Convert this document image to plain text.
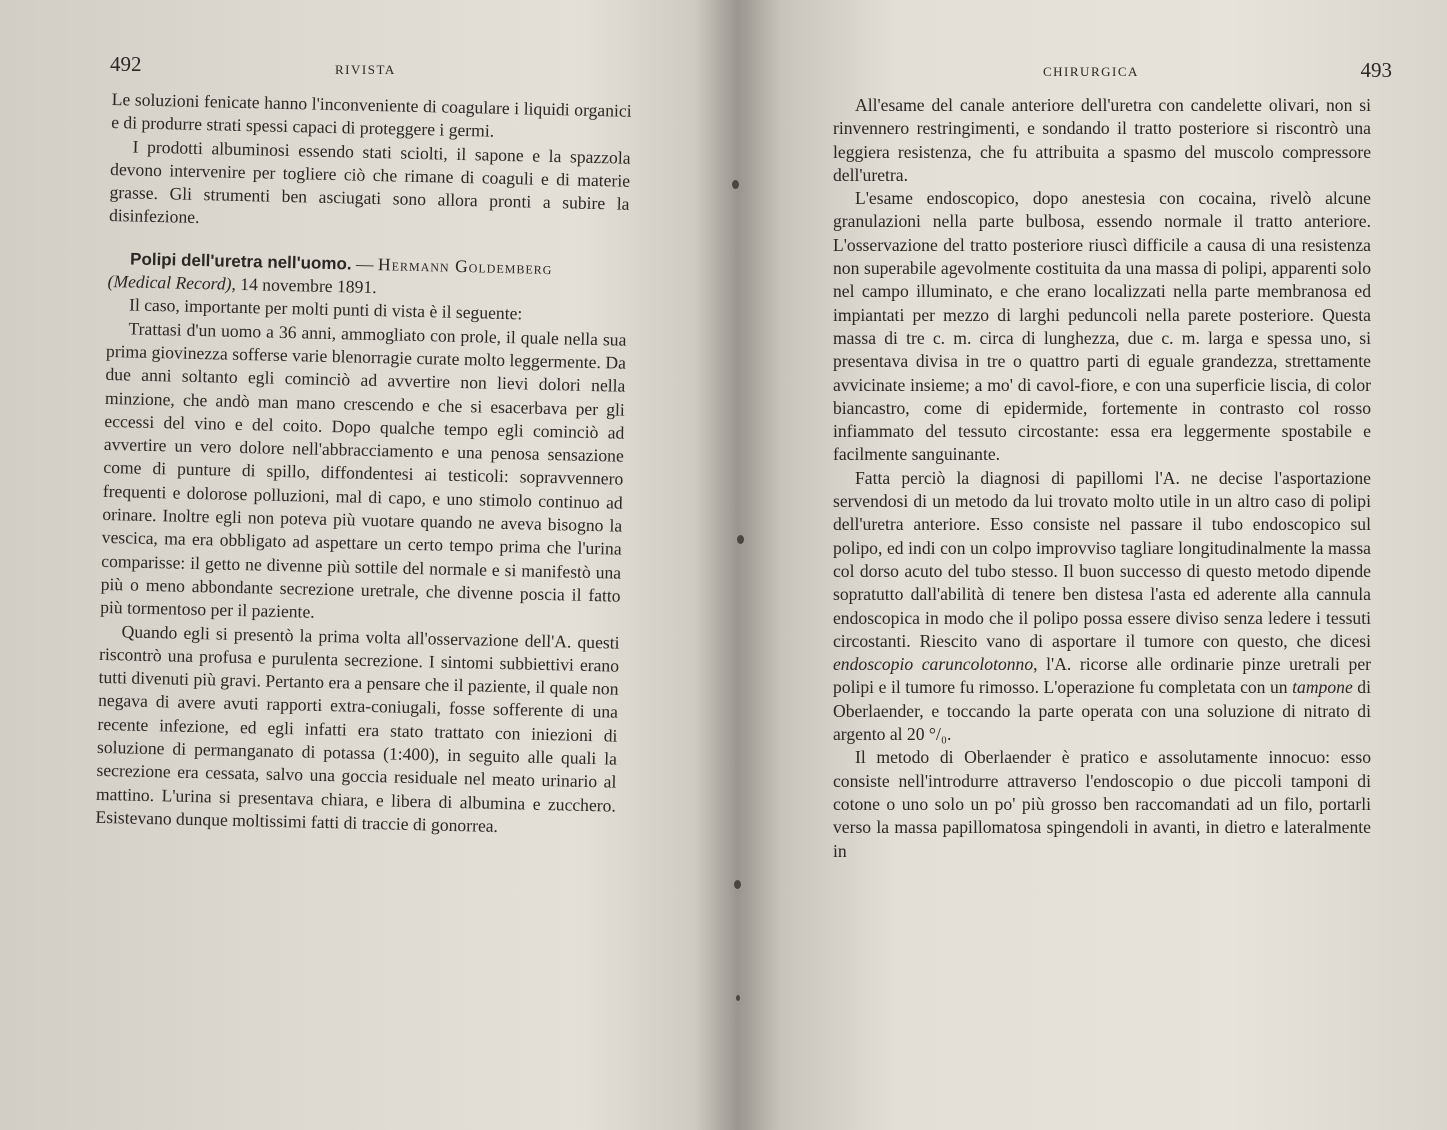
492	RIVISTA

Le soluzioni fenicate hanno l'inconveniente di coagulare i liquidi organici e di produrre strati spessi capaci di proteggere i germi.

I prodotti albuminosi essendo stati sciolti, il sapone e la spazzola devono intervenire per togliere ciò che rimane di coaguli e di materie grasse. Gli strumenti ben asciugati sono allora pronti a subire la disinfezione.

Polipi dell'uretra nell'uomo. — Hermann Goldemberg
(Medical Record), 14 novembre 1891.

Il caso, importante per molti punti di vista è il seguente:

Trattasi d'un uomo a 36 anni, ammogliato con prole, il quale nella sua prima giovinezza sofferse varie blenorragie curate molto leggermente. Da due anni soltanto egli cominciò ad avvertire non lievi dolori nella minzione, che andò man mano crescendo e che si esacerbava per gli eccessi del vino e del coito. Dopo qualche tempo egli cominciò ad avvertire un vero dolore nell'abbracciamento e una penosa sensazione come di punture di spillo, diffondentesi ai testicoli: sopravvennero frequenti e dolorose polluzioni, mal di capo, e uno stimolo continuo ad orinare. Inoltre egli non poteva più vuotare quando ne aveva bisogno la vescica, ma era obbligato ad aspettare un certo tempo prima che l'urina comparisse: il getto ne divenne più sottile del normale e si manifestò una più o meno abbondante secrezione uretrale, che divenne poscia il fatto più tormentoso per il paziente.

Quando egli si presentò la prima volta all'osservazione dell'A. questi riscontrò una profusa e purulenta secrezione. I sintomi subbiettivi erano tutti divenuti più gravi. Pertanto era a pensare che il paziente, il quale non negava di avere avuti rapporti extra-coniugali, fosse sofferente di una recente infezione, ed egli infatti era stato trattato con iniezioni di soluzione di permanganato di potassa (1:400), in seguito alle quali la secrezione era cessata, salvo una goccia residuale nel meato urinario al mattino. L'urina si presentava chiara, e libera di albumina e zucchero. Esistevano dunque moltissimi fatti di traccie di gonorrea.

CHIRURGICA	493

All'esame del canale anteriore dell'uretra con candelette olivari, non si rinvennero restringimenti, e sondando il tratto posteriore si riscontrò una leggiera resistenza, che fu attribuita a spasmo del muscolo compressore dell'uretra.

L'esame endoscopico, dopo anestesia con cocaina, rivelò alcune granulazioni nella parte bulbosa, essendo normale il tratto anteriore. L'osservazione del tratto posteriore riuscì difficile a causa di una resistenza non superabile agevolmente costituita da una massa di polipi, apparenti solo nel campo illuminato, e che erano localizzati nella parte membranosa ed impiantati per mezzo di larghi peduncoli nella parete posteriore. Questa massa di tre c. m. circa di lunghezza, due c. m. larga e spessa uno, si presentava divisa in tre o quattro parti di eguale grandezza, strettamente avvicinate insieme; a mo' di cavol-fiore, e con una superficie liscia, di color biancastro, come di epidermide, fortemente in contrasto col rosso infiammato del tessuto circostante: essa era leggermente spostabile e facilmente sanguinante.

Fatta perciò la diagnosi di papillomi l'A. ne decise l'asportazione servendosi di un metodo da lui trovato molto utile in un altro caso di polipi dell'uretra anteriore. Esso consiste nel passare il tubo endoscopico sul polipo, ed indi con un colpo improvviso tagliare longitudinalmente la massa col dorso acuto del tubo stesso. Il buon successo di questo metodo dipende sopratutto dall'abilità di tenere ben distesa l'asta ed aderente alla cannula endoscopica in modo che il polipo possa essere diviso senza ledere i tessuti circostanti. Riescito vano di asportare il tumore con questo, che dicesi endoscopio caruncolotonno, l'A. ricorse alle ordinarie pinze uretrali per polipi e il tumore fu rimosso. L'operazione fu completata con un tampone di Oberlaender, e toccando la parte operata con una soluzione di nitrato di argento al 20 °/₀.

Il metodo di Oberlaender è pratico e assolutamente innocuo: esso consiste nell'introdurre attraverso l'endoscopio o due piccoli tamponi di cotone o uno solo un po' più grosso ben raccomandati ad un filo, portarli verso la massa papillomatosa spingendoli in avanti, in dietro e lateralmente in
